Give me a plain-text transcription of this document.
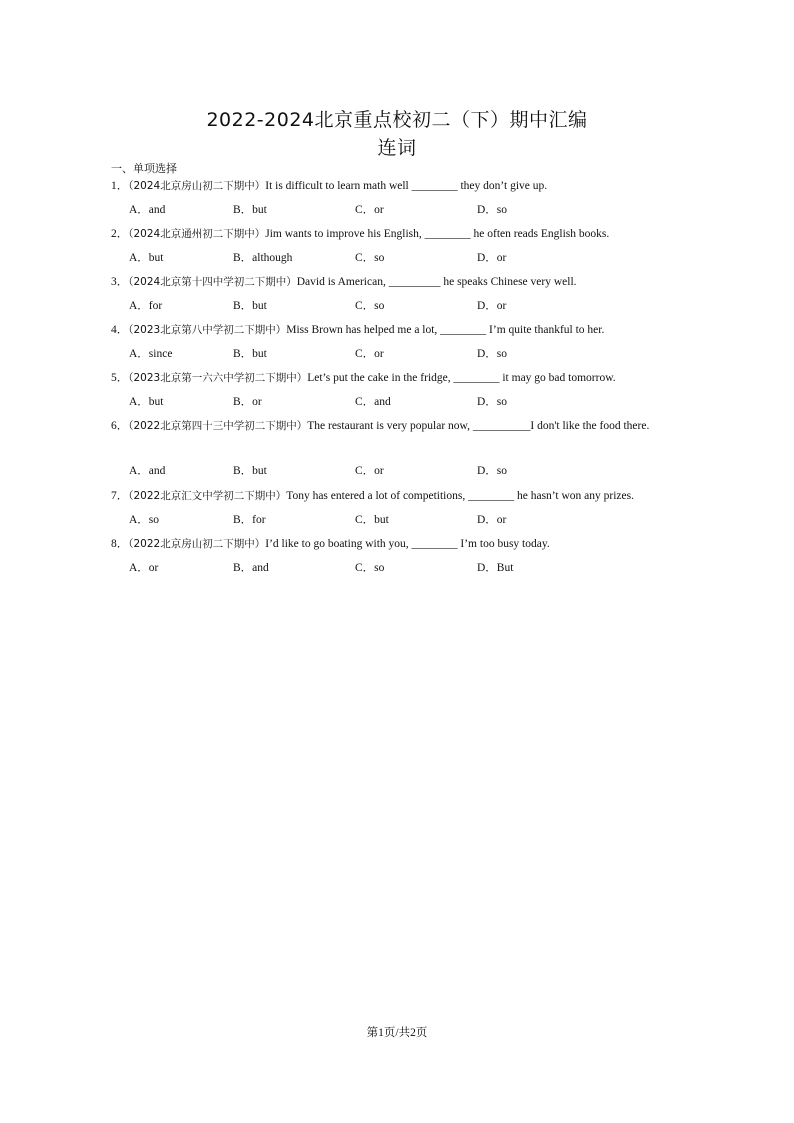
2022-2024北京重点校初二（下）期中汇编
连词
一、单项选择
1．（2024北京房山初二下期中）It is difficult to learn math well ________ they don’t give up.
A．and	B．but	C．or	D．so
2．（2024北京通州初二下期中）Jim wants to improve his English, ________ he often reads English books.
A．but	B．although	C．so	D．or
3．（2024北京第十四中学初二下期中）David is American, _________ he speaks Chinese very well.
A．for	B．but	C．so	D．or
4．（2023北京第八中学初二下期中）Miss Brown has helped me a lot, ________ I’m quite thankful to her.
A．since	B．but	C．or	D．so
5．（2023北京第一六六中学初二下期中）Let’s put the cake in the fridge, ________ it may go bad tomorrow.
A．but	B．or	C．and	D．so
6．（2022北京第四十三中学初二下期中）The restaurant is very popular now, __________I don't like the food there.
A．and	B．but	C．or	D．so
7．（2022北京汇文中学初二下期中）Tony has entered a lot of competitions, ________ he hasn’t won any prizes.
A．so	B．for	C．but	D．or
8．（2022北京房山初二下期中）I’d like to go boating with you, ________ I’m too busy today.
A．or	B．and	C．so	D．But
第1页/共2页
